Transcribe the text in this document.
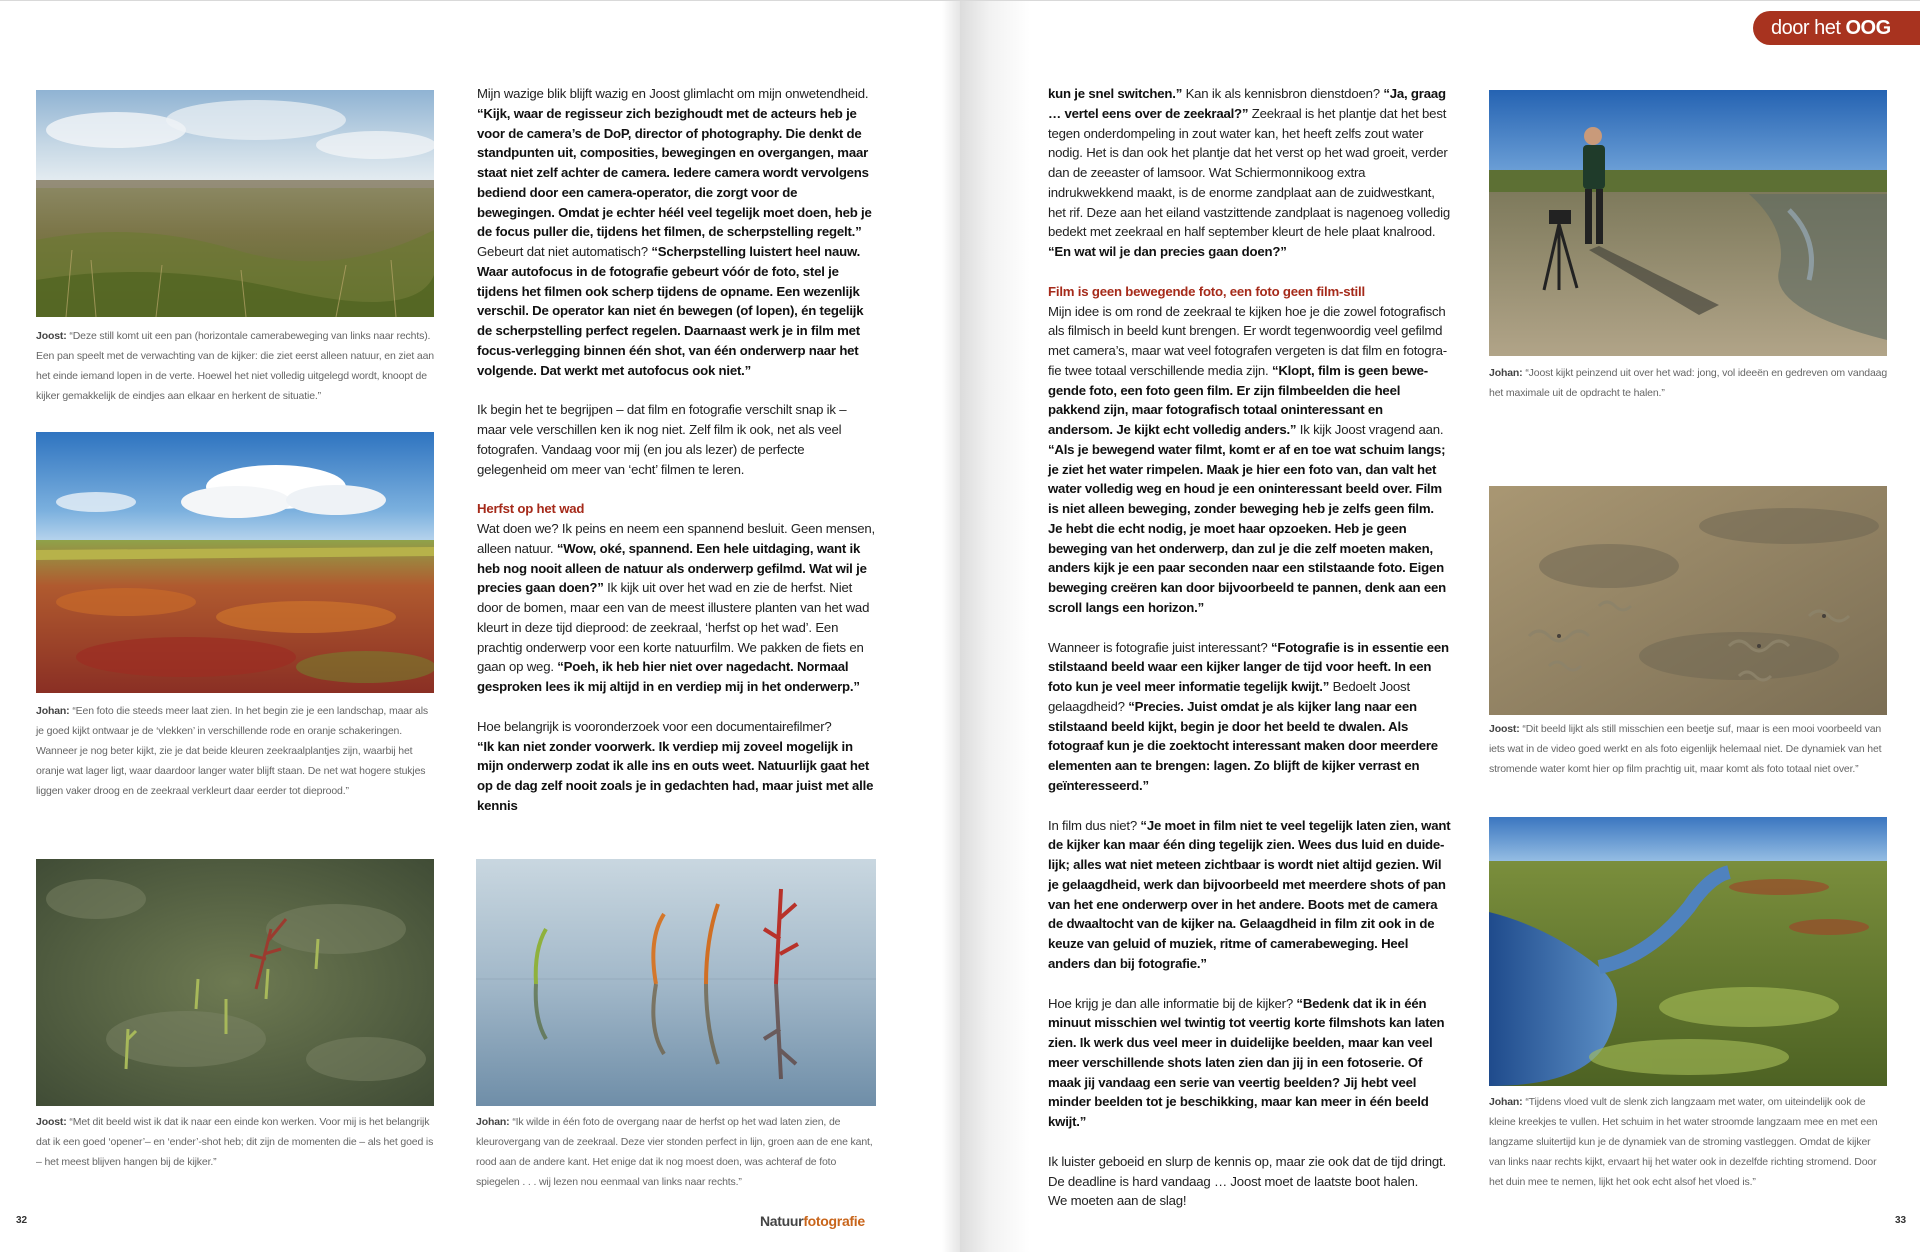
Joost: “Deze still komt uit een pan (horizontale camerabeweging van links naar rechts). Een pan speelt met de verwachting van de kijker: die ziet eerst alleen natuur, en ziet aan het einde iemand lopen in de verte. Hoewel het niet volledig uitgelegd wordt, knoopt de kijker gemakkelijk de eindjes aan elkaar en herkent de situatie.”
Johan: “Een foto die steeds meer laat zien. In het begin zie je een landschap, maar als je goed kijkt ontwaar je de ‘vlekken’ in verschillende rode en oranje schakeringen. Wanneer je nog beter kijkt, zie je dat beide kleuren zeekraalplantjes zijn, waarbij het oranje wat lager ligt, waar daardoor langer water blijft staan. De net wat hogere stukjes liggen vaker droog en de zeekraal verkleurt daar eerder tot dieprood.”
Joost: “Met dit beeld wist ik dat ik naar een einde kon werken. Voor mij is het belangrijk dat ik een goed ‘opener’– en ‘ender’-shot heb; dit zijn de momenten die – als het goed is – het meest blijven hangen bij de kijker.”
Johan: “Ik wilde in één foto de overgang naar de herfst op het wad laten zien, de kleurovergang van de zeekraal. Deze vier stonden perfect in lijn, groen aan de ene kant, rood aan de andere kant. Het enige dat ik nog moest doen, was achteraf de foto spiegelen . . . wij lezen nou eenmaal van links naar rechts.”

Mijn wazige blik blijft wazig en Joost glimlacht om mijn onwetendheid. “Kijk, waar de regisseur zich bezighoudt met de acteurs heb je voor de camera’s de DoP, director of photography. Die denkt de standpunten uit, composities, bewegingen en overgangen, maar staat niet zelf achter de camera. Iedere camera wordt vervolgens bediend door een camera-operator, die zorgt voor de bewegingen. Omdat je echter héél veel tegelijk moet doen, heb je de focus puller die, tijdens het filmen, de scherpstelling regelt.” Gebeurt dat niet automatisch? “Scherpstelling luistert heel nauw. Waar autofocus in de fotografie gebeurt vóór de foto, stel je tijdens het filmen ook scherp tijdens de opname. Een wezenlijk verschil. De operator kan niet én bewegen (of lopen), én tegelijk de scherpstelling perfect regelen. Daarnaast werk je in film met focus-verlegging binnen één shot, van één onderwerp naar het volgende. Dat werkt met autofocus ook niet.”

Ik begin het te begrijpen – dat film en fotografie verschilt snap ik – maar vele verschillen ken ik nog niet. Zelf film ik ook, net als veel fotografen. Vandaag voor mij (en jou als lezer) de perfecte gelegenheid om meer van ‘echt’ filmen te leren.

Herfst op het wad

Wat doen we? Ik peins en neem een spannend besluit. Geen mensen, alleen natuur. “Wow, oké, spannend. Een hele uitdaging, want ik heb nog nooit alleen de natuur als onderwerp gefilmd. Wat wil je precies gaan doen?” Ik kijk uit over het wad en zie de herfst. Niet door de bomen, maar een van de meest illustere planten van het wad kleurt in deze tijd dieprood: de zeekraal, ‘herfst op het wad’. Een prachtig onderwerp voor een korte natuurfilm. We pakken de fiets en gaan op weg. “Poeh, ik heb hier niet over nagedacht. Normaal gesproken lees ik mij altijd in en verdiep mij in het onderwerp.”

Hoe belangrijk is vooronderzoek voor een documentairefilmer?
“Ik kan niet zonder voorwerk. Ik verdiep mij zoveel mogelijk in mijn onderwerp zodat ik alle ins en outs weet. Natuurlijk gaat het op de dag zelf nooit zoals je in gedachten had, maar juist met alle kennis

32	Natuurfotografie
door het OOG van

kun je snel switchen.” Kan ik als kennisbron dienstdoen? “Ja, graag … vertel eens over de zeekraal?” Zeekraal is het plantje dat het best tegen onderdompeling in zout water kan, het heeft zelfs zout water nodig. Het is dan ook het plantje dat het verst op het wad groeit, verder dan de zeeaster of lamsoor. Wat Schiermonnikoog extra indrukwekkend maakt, is de enorme zandplaat aan de zuidwestkant, het rif. Deze aan het eiland vastzittende zandplaat is nagenoeg volledig bedekt met zeekraal en half september kleurt de hele plaat knalrood. “En wat wil je dan precies gaan doen?”

Film is geen bewegende foto, een foto geen film-still

Mijn idee is om rond de zeekraal te kijken hoe je die zowel fotografisch als filmisch in beeld kunt brengen. Er wordt tegenwoordig veel gefilmd met camera’s, maar wat veel fotografen vergeten is dat film en fotogra-fie twee totaal verschillende media zijn. “Klopt, film is geen bewe-gende foto, een foto geen film. Er zijn filmbeelden die heel pakkend zijn, maar fotografisch totaal oninteressant en andersom. Je kijkt echt volledig anders.” Ik kijk Joost vragend aan. “Als je bewegend water filmt, komt er af en toe wat schuim langs; je ziet het water rimpelen. Maak je hier een foto van, dan valt het water volledig weg en houd je een oninteressant beeld over. Film is niet alleen beweging, zonder beweging heb je zelfs geen film. Je hebt die echt nodig, je moet haar opzoeken. Heb je geen beweging van het onderwerp, dan zul je die zelf moeten maken, anders kijk je een paar seconden naar een stilstaande foto. Eigen beweging creëren kan door bijvoorbeeld te pannen, denk aan een scroll langs een horizon.”

Wanneer is fotografie juist interessant? “Fotografie is in essentie een stilstaand beeld waar een kijker langer de tijd voor heeft. In een foto kun je veel meer informatie tegelijk kwijt.” Bedoelt Joost gelaagdheid? “Precies. Juist omdat je als kijker lang naar een stilstaand beeld kijkt, begin je door het beeld te dwalen. Als fotograaf kun je die zoektocht interessant maken door meerdere elementen aan te brengen: lagen. Zo blijft de kijker verrast en geïnteresseerd.”

In film dus niet? “Je moet in film niet te veel tegelijk laten zien, want de kijker kan maar één ding tegelijk zien. Wees dus luid en duide-lijk; alles wat niet meteen zichtbaar is wordt niet altijd gezien. Wil je gelaagdheid, werk dan bijvoorbeeld met meerdere shots of pan van het ene onderwerp over in het andere. Boots met de camera de dwaaltocht van de kijker na. Gelaagdheid in film zit ook in de keuze van geluid of muziek, ritme of camerabeweging. Heel anders dan bij fotografie.”

Hoe krijg je dan alle informatie bij de kijker? “Bedenk dat ik in één minuut misschien wel twintig tot veertig korte filmshots kan laten zien. Ik werk dus veel meer in duidelijke beelden, maar kan veel meer verschillende shots laten zien dan jij in een fotoserie. Of maak jij vandaag een serie van veertig beelden? Jij hebt veel minder beelden tot je beschikking, maar kan meer in één beeld kwijt.”

Ik luister geboeid en slurp de kennis op, maar zie ook dat de tijd dringt.
De deadline is hard vandaag … Joost moet de laatste boot halen.
We moeten aan de slag!

Johan: “Joost kijkt peinzend uit over het wad: jong, vol ideeën en gedreven om vandaag het maximale uit de opdracht te halen.”
Joost: “Dit beeld lijkt als still misschien een beetje suf, maar is een mooi voorbeeld van iets wat in de video goed werkt en als foto eigenlijk helemaal niet. De dynamiek van het stromende water komt hier op film prachtig uit, maar komt als foto totaal niet over.”
Johan: “Tijdens vloed vult de slenk zich langzaam met water, om uiteindelijk ook de kleine kreekjes te vullen. Het schuim in het water stroomde langzaam mee en met een langzame sluitertijd kun je de dynamiek van de stroming vastleggen. Omdat de kijker van links naar rechts kijkt, ervaart hij het water ook in dezelfde richting stromend. Door het duin mee te nemen, lijkt het ook echt alsof het vloed is.”
33
